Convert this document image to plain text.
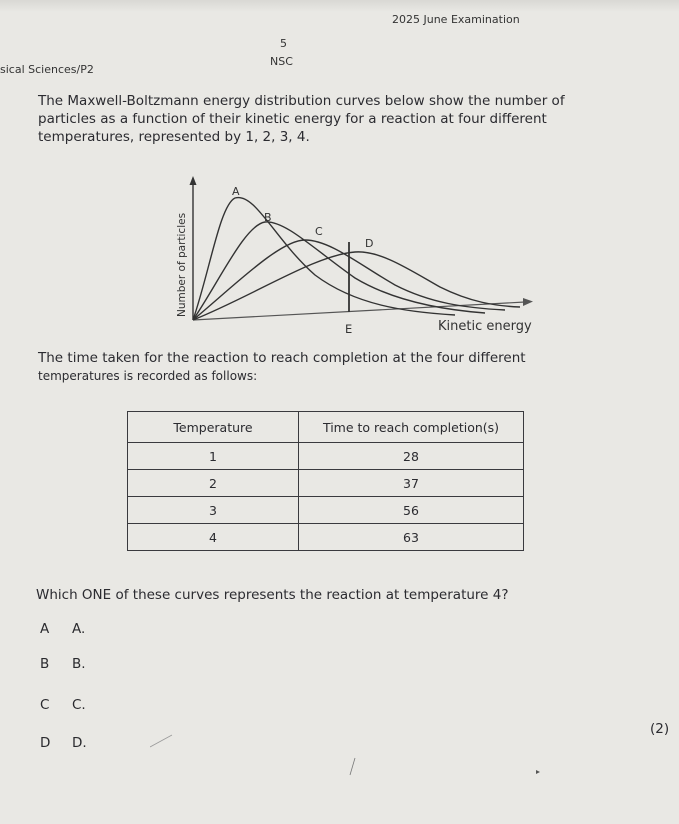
2025 June Examination
5
NSC
sical Sciences/P2
The Maxwell-Boltzmann energy distribution curves below show the number of
particles as a function of their kinetic energy for a reaction at four different
temperatures, represented by 1, 2, 3, 4.
A
B
C
D
E	Kinetic energy
Number of particles
The time taken for the reaction to reach completion at the four different
temperatures is recorded as follows:
Temperature	Time to reach completion(s)
1	28
2	37
3	56
4	63
Which ONE of these curves represents the reaction at temperature 4?
A A.
B B.
C C.
D D.
(2)
